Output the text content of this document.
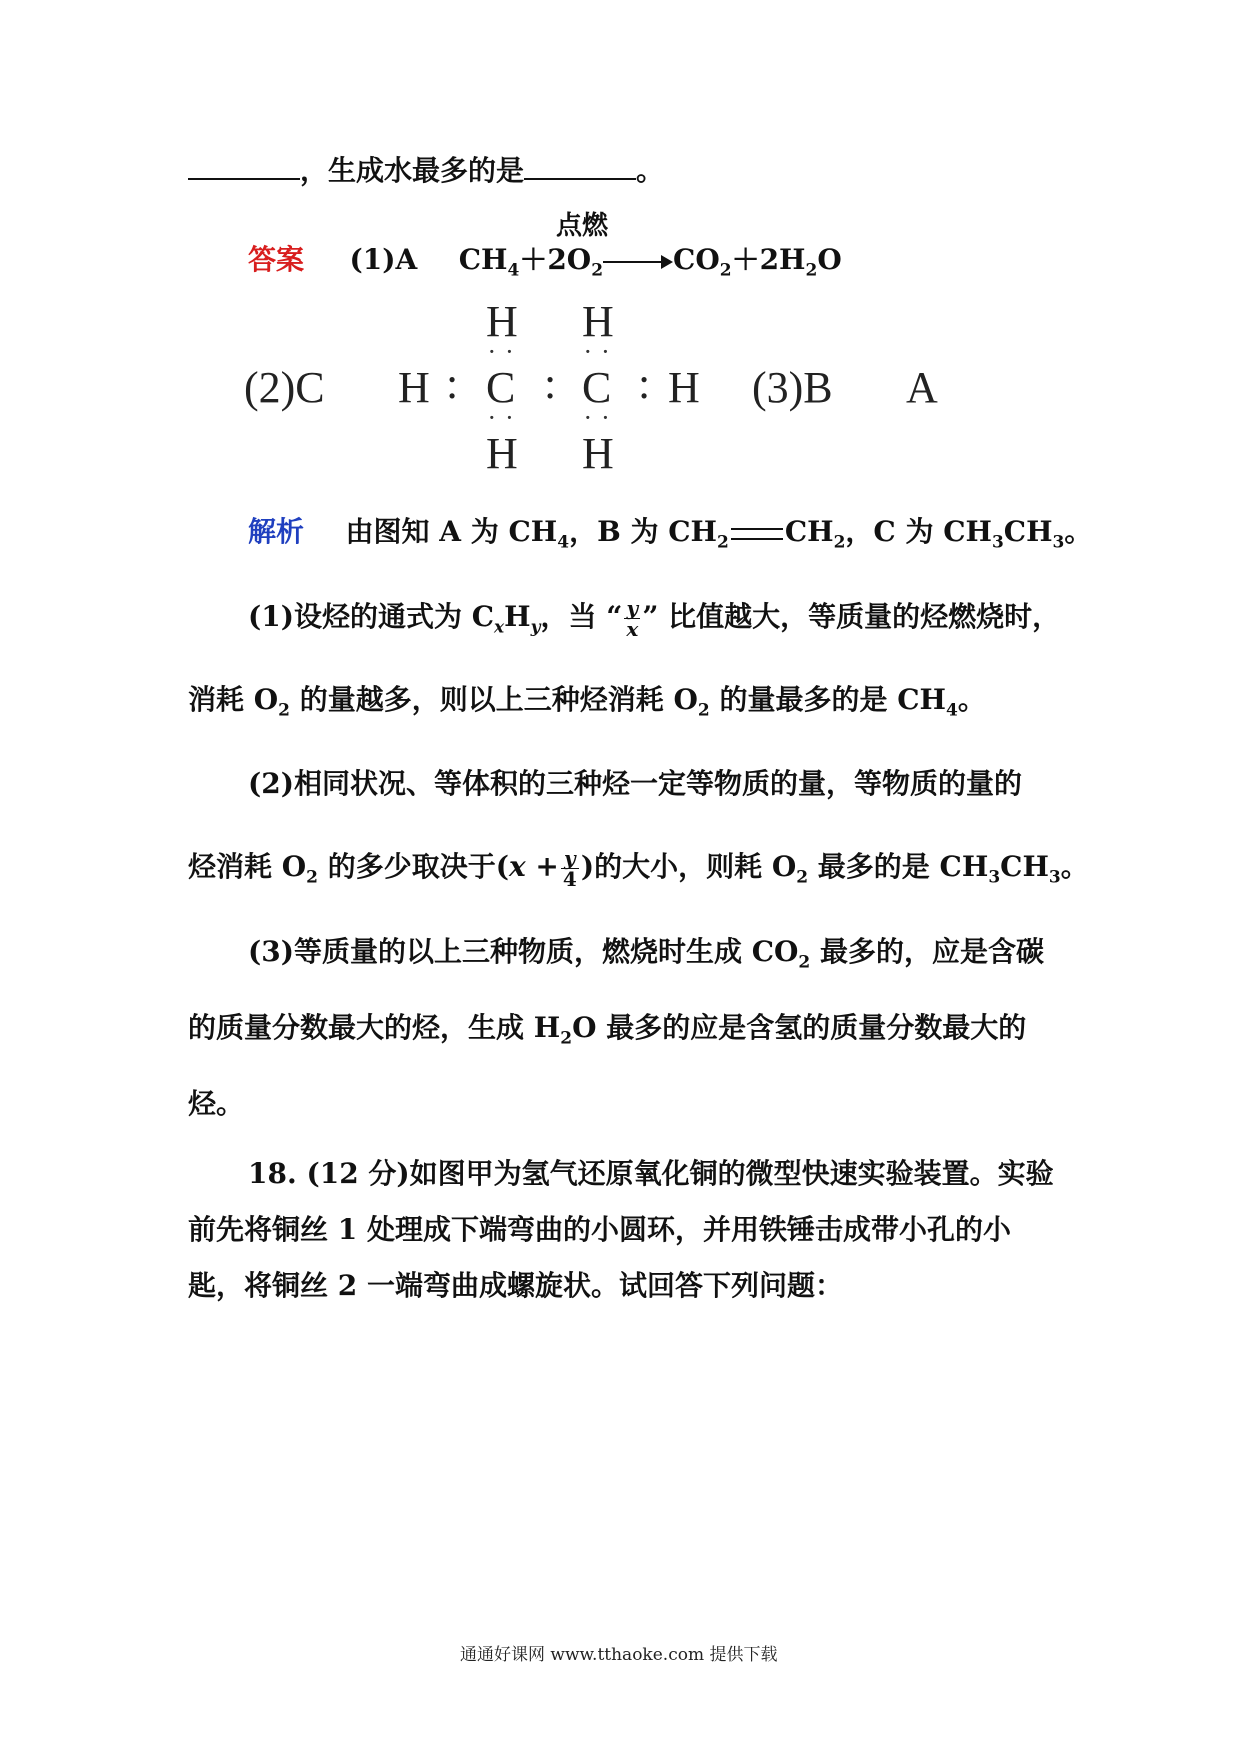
，生成水最多的是	。
答案 (1)A $CH_4+2O_2$	$CO_2+2H_2O$
点燃
H H
··	··
(2)C H : C : C : H (3)B A
··	··
H H
解析 由图知 A 为 $CH_4$，B 为 $CH_2$ $CH_2$，C 为 $CH_3CH_3$。
(1)设烃的通式为 $C_xH_y$，当 “ $\frac{y}{x}$ ” 比值越大，等质量的烃燃烧时，
消耗 $O_2$ 的量越多，则以上三种烃消耗 $O_2$ 的量最多的是 $CH_4$。
(2)相同状况、等体积的三种烃一定等物质的量，等物质的量的
烃消耗 $O_2$ 的多少取决于($x + \frac{y}{4}$ )的大小，则耗 $O_2$ 最多的是 $CH_3CH_3$。
(3)等质量的以上三种物质，燃烧时生成 $CO_2$ 最多的，应是含碳
的质量分数最大的烃，生成 $H_2O$ 最多的应是含氢的质量分数最大的
烃。
18. (12 分)如图甲为氢气还原氧化铜的微型快速实验装置。实验
前先将铜丝 1 处理成下端弯曲的小圆环，并用铁锤击成带小孔的小
匙，将铜丝 2 一端弯曲成螺旋状。试回答下列问题：
通通好课网 www.tthaoke.com 提供下载
